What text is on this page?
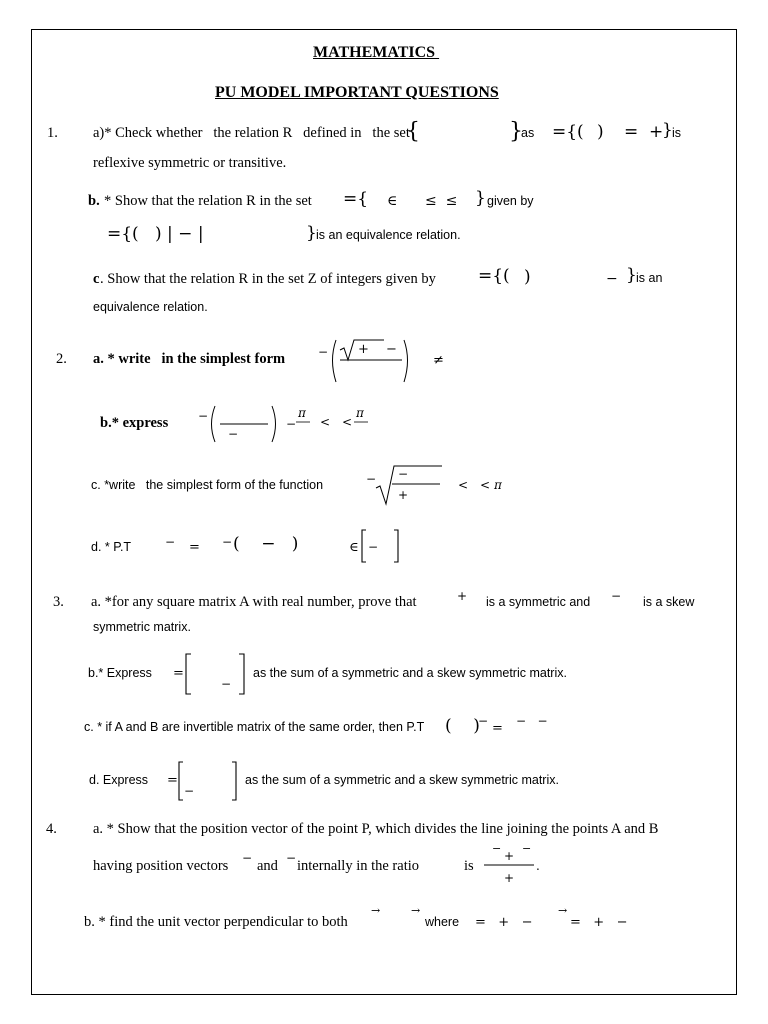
MATHEMATICS
PU MODEL IMPORTANT QUESTIONS
1. a)* Check whether   the relation R   defined in   the set
{	}
as ={( ) =  +
} is
reflexive symmetric or transitive.
b. * Show that the relation R in the set ={ ∈ ≤  ≤ } given by
={( ) | − |	} is an equivalence relation.
c . Show that the relation R in the set Z of integers given by ={( )	− } is an
equivalence relation.
2. a. * write   in the simplest form	− + −
≠
b.* express −
−
−
π
< <
π
c. *write   the simplest form of the function	− −
+
< < π
d. * P.T	− = − (    −   )	∈ −
3. a. *for any square matrix A with real number, prove that	+ is a symmetric and − is a skew
symmetric matrix.
b.* Express =
−
as the sum of a symmetric and a skew symmetric matrix.
c. * if A and B are invertible matrix of the same order, then P.T (    )
− = −   −
d. Express =
−
as the sum of a symmetric and a skew symmetric matrix.
4. a. * Show that the position vector of the point P, which divides the line joining the points A and B
having position vectors − and − internally in the ratio	is
−
+
−
+
.
b. * find the unit vector perpendicular to both
→	→
where =   +   −
→
=   +   −
